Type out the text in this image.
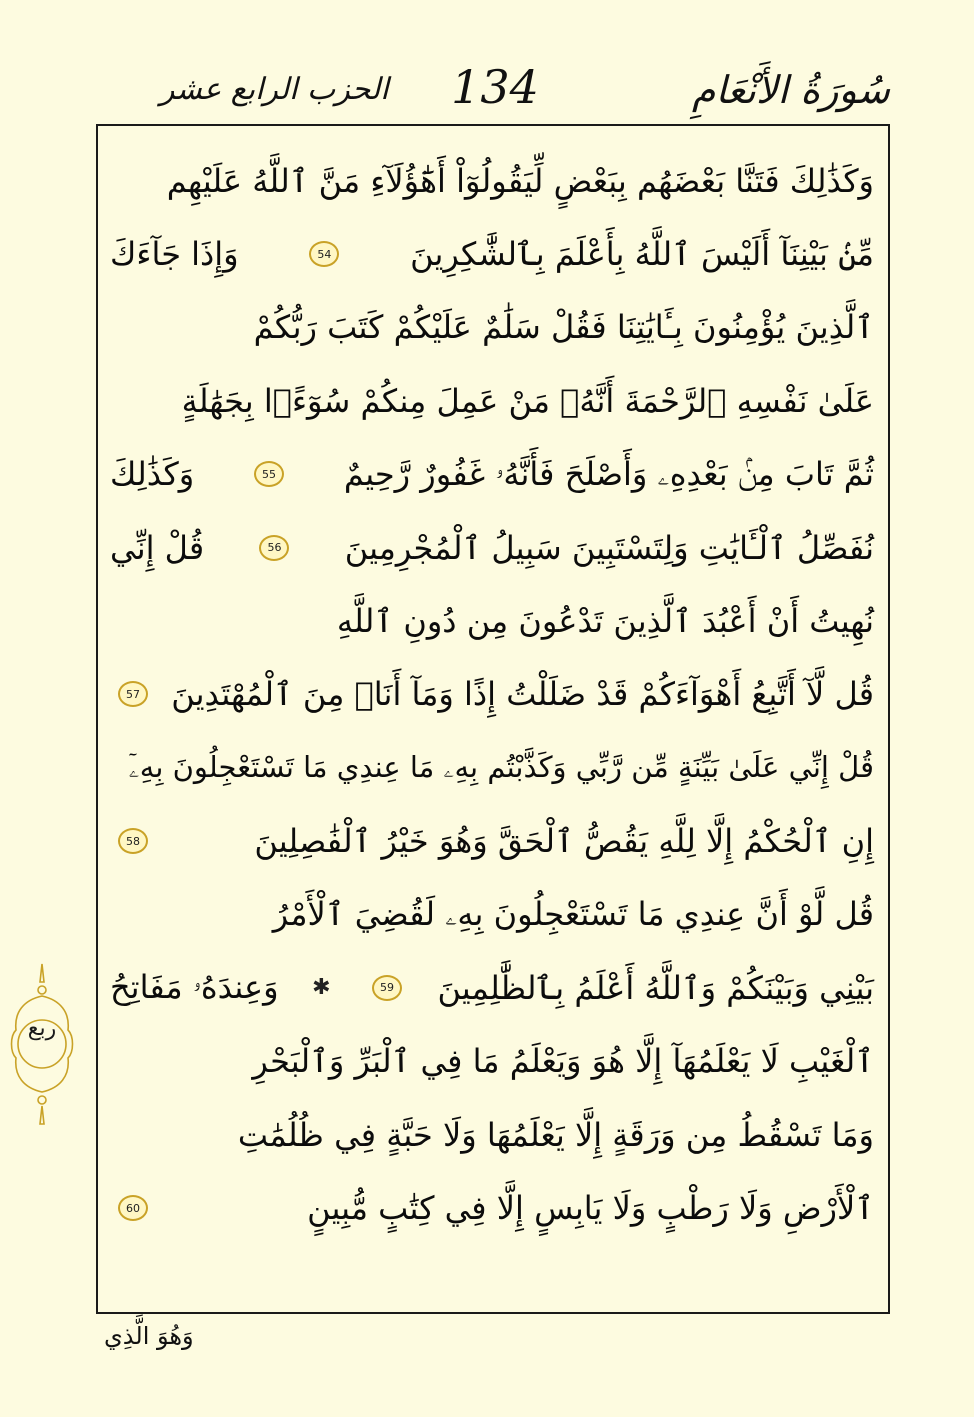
سُورَةُ الأَنْعَامِ
134
الحزب الرابع عشر
وَكَذَٰلِكَ فَتَنَّا بَعْضَهُم بِبَعْضٍ لِّيَقُولُوٓاْ أَهَٰٓؤُلَآءِ مَنَّ ٱللَّهُ عَلَيْهِم
مِّنۢ بَيْنِنَآ أَلَيْسَ ٱللَّهُ بِأَعْلَمَ بِٱلشَّٰكِرِينَ
54
وَإِذَا جَآءَكَ
ٱلَّذِينَ يُؤْمِنُونَ بِـَٔايَٰتِنَا فَقُلْ سَلَٰمٌ عَلَيْكُمْ كَتَبَ رَبُّكُمْ
عَلَىٰ نَفْسِهِ ٱلرَّحْمَةَ أَنَّهُۥ مَنْ عَمِلَ مِنكُمْ سُوٓءًۢا بِجَهَٰلَةٍ
ثُمَّ تَابَ مِنۢ بَعْدِهِۦ وَأَصْلَحَ فَأَنَّهُۥ غَفُورٌ رَّحِيمٌ
55
وَكَذَٰلِكَ
نُفَصِّلُ ٱلْـَٔايَٰتِ وَلِتَسْتَبِينَ سَبِيلُ ٱلْمُجْرِمِينَ
56
قُلْ إِنِّي
نُهِيتُ أَنْ أَعْبُدَ ٱلَّذِينَ تَدْعُونَ مِن دُونِ ٱللَّهِ
قُل لَّآ أَتَّبِعُ أَهْوَآءَكُمْ قَدْ ضَلَلْتُ إِذًا وَمَآ أَنَا۠ مِنَ ٱلْمُهْتَدِينَ
57
قُلْ إِنِّي عَلَىٰ بَيِّنَةٍ مِّن رَّبِّي وَكَذَّبْتُم بِهِۦ مَا عِندِي مَا تَسْتَعْجِلُونَ بِهِۦٓ
إِنِ ٱلْحُكْمُ إِلَّا لِلَّهِ يَقُصُّ ٱلْحَقَّ وَهُوَ خَيْرُ ٱلْفَٰصِلِينَ
58
قُل لَّوْ أَنَّ عِندِي مَا تَسْتَعْجِلُونَ بِهِۦ لَقُضِيَ ٱلْأَمْرُ
بَيْنِي وَبَيْنَكُمْ وَٱللَّهُ أَعْلَمُ بِٱلظَّٰلِمِينَ
59
✱
وَعِندَهُۥ مَفَاتِحُ
ٱلْغَيْبِ لَا يَعْلَمُهَآ إِلَّا هُوَ وَيَعْلَمُ مَا فِي ٱلْبَرِّ وَٱلْبَحْرِ
وَمَا تَسْقُطُ مِن وَرَقَةٍ إِلَّا يَعْلَمُهَا وَلَا حَبَّةٍ فِي ظُلُمَٰتِ
ٱلْأَرْضِ وَلَا رَطْبٍ وَلَا يَابِسٍ إِلَّا فِي كِتَٰبٍ مُّبِينٍ
60
ربع
وَهُوَ الَّذِي
